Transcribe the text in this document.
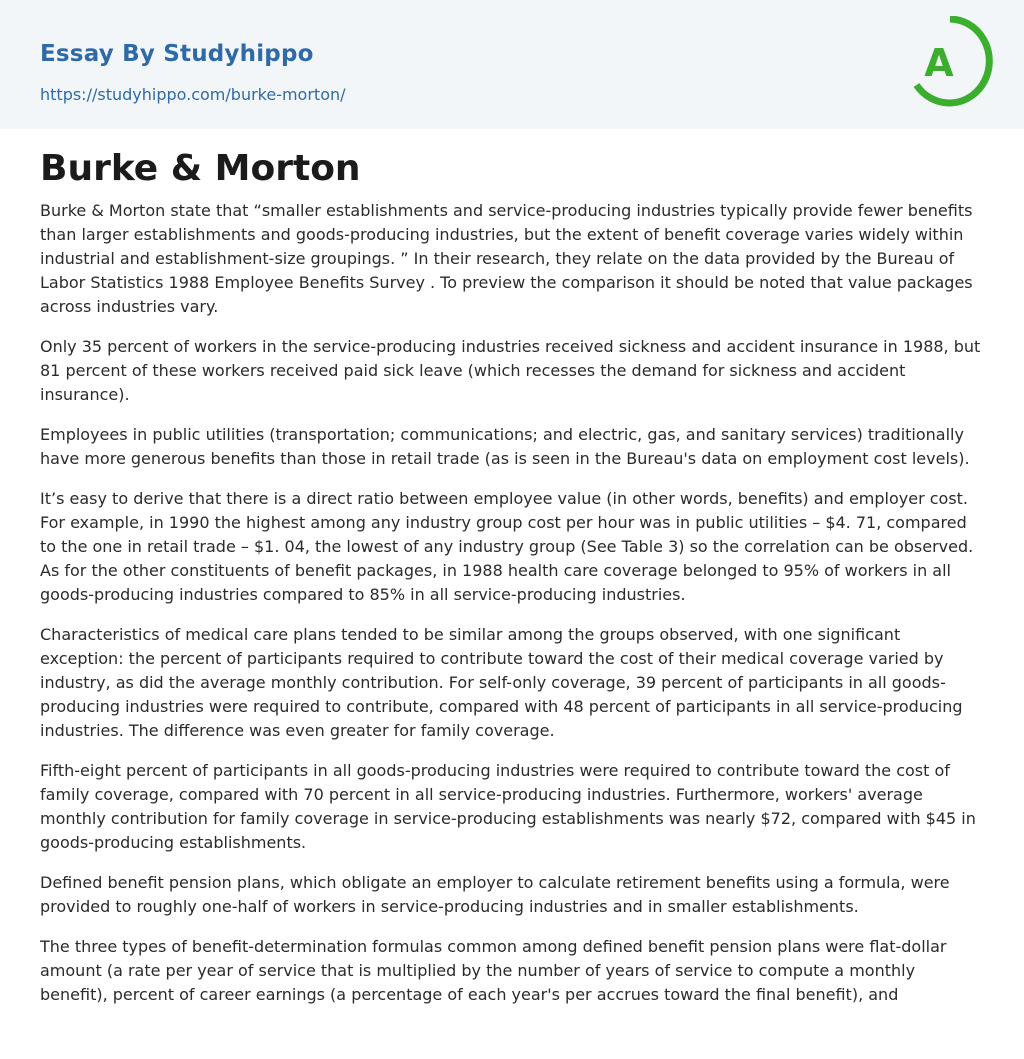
Essay By Studyhippo
https://studyhippo.com/burke-morton/
A
Burke & Morton

Burke & Morton state that “smaller establishments and service-producing industries typically provide fewer benefits than larger establishments and goods-producing industries, but the extent of benefit coverage varies widely within industrial and establishment-size groupings. ” In their research, they relate on the data provided by the Bureau of Labor Statistics 1988 Employee Benefits Survey . To preview the comparison it should be noted that value packages across industries vary.

Only 35 percent of workers in the service-producing industries received sickness and accident insurance in 1988, but 81 percent of these workers received paid sick leave (which recesses the demand for sickness and accident insurance).

Employees in public utilities (transportation; communications; and electric, gas, and sanitary services) traditionally have more generous benefits than those in retail trade (as is seen in the Bureau's data on employment cost levels).

It’s easy to derive that there is a direct ratio between employee value (in other words, benefits) and employer cost. For example, in 1990 the highest among any industry group cost per hour was in public utilities – $4. 71, compared to the one in retail trade – $1. 04, the lowest of any industry group (See Table 3) so the correlation can be observed. As for the other constituents of benefit packages, in 1988 health care coverage belonged to 95% of workers in all goods-producing industries compared to 85% in all service-producing industries.

Characteristics of medical care plans tended to be similar among the groups observed, with one significant exception: the percent of participants required to contribute toward the cost of their medical coverage varied by industry, as did the average monthly contribution. For self-only coverage, 39 percent of participants in all goods-producing industries were required to contribute, compared with 48 percent of participants in all service-producing industries. The difference was even greater for family coverage.

Fifth-eight percent of participants in all goods-producing industries were required to contribute toward the cost of family coverage, compared with 70 percent in all service-producing industries. Furthermore, workers' average monthly contribution for family coverage in service-producing establishments was nearly $72, compared with $45 in goods-producing establishments.

Defined benefit pension plans, which obligate an employer to calculate retirement benefits using a formula, were provided to roughly one-half of workers in service-producing industries and in smaller establishments.

The three types of benefit-determination formulas common among defined benefit pension plans were flat-dollar amount (a rate per year of service that is multiplied by the number of years of service to compute a monthly benefit), percent of career earnings (a percentage of each year's per accrues toward the final benefit), and
